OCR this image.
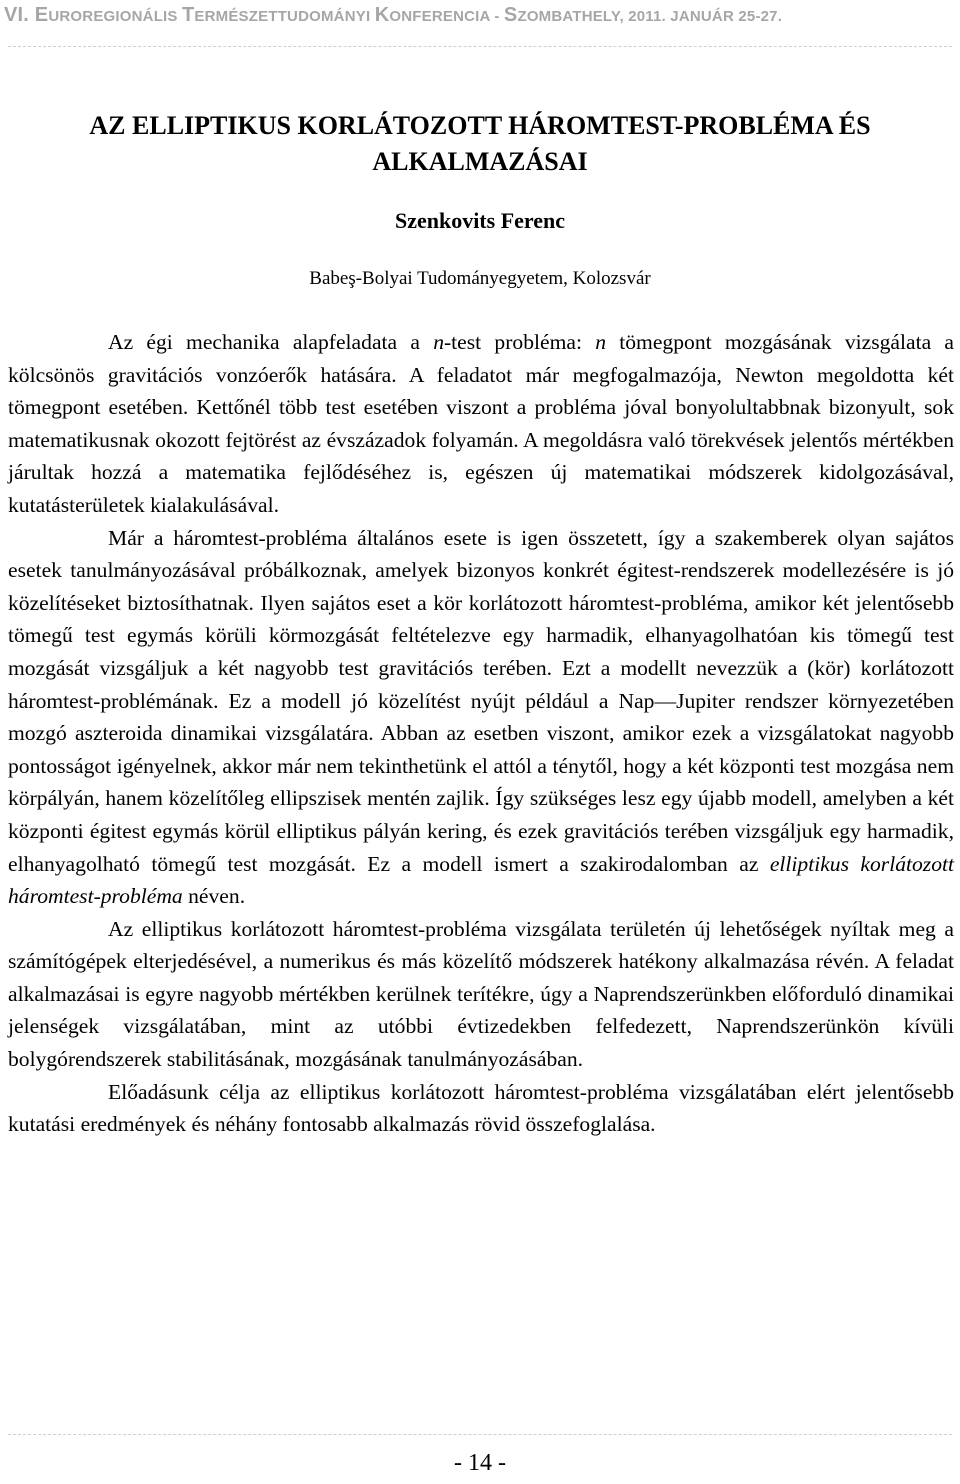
VI. EUROREGIONÁLIS TERMÉSZETTUDOMÁNYI KONFERENCIA - SZOMBATHELY, 2011. JANUÁR 25-27.
AZ ELLIPTIKUS KORLÁTOZOTT HÁROMTEST-PROBLÉMA ÉS
ALKALMAZÁSAI
Szenkovits Ferenc
Babeş-Bolyai Tudományegyetem, Kolozsvár

Az égi mechanika alapfeladata a n-test probléma: n tömegpont mozgásának vizsgálata a kölcsönös gravitációs vonzóerők hatására. A feladatot már megfogalmazója, Newton megoldotta két tömegpont esetében. Kettőnél több test esetében viszont a probléma jóval bonyolultabbnak bizonyult, sok matematikusnak okozott fejtörést az évszázadok folyamán. A megoldásra való törekvések jelentős mértékben járultak hozzá a matematika fejlődéséhez is, egészen új matematikai módszerek kidolgozásával, kutatásterületek kialakulásával.

Már a háromtest-probléma általános esete is igen összetett, így a szakemberek olyan sajátos esetek tanulmányozásával próbálkoznak, amelyek bizonyos konkrét égitest-rendszerek modellezésére is jó közelítéseket biztosíthatnak. Ilyen sajátos eset a kör korlátozott háromtest-probléma, amikor két jelentősebb tömegű test egymás körüli körmozgását feltételezve egy harmadik, elhanyagolhatóan kis tömegű test mozgását vizsgáljuk a két nagyobb test gravitációs terében. Ezt a modellt nevezzük a (kör) korlátozott háromtest-problémának. Ez a modell jó közelítést nyújt például a Nap—Jupiter rendszer környezetében mozgó aszteroida dinamikai vizsgálatára. Abban az esetben viszont, amikor ezek a vizsgálatokat nagyobb pontosságot igényelnek, akkor már nem tekinthetünk el attól a ténytől, hogy a két központi test mozgása nem körpályán, hanem közelítőleg ellipszisek mentén zajlik. Így szükséges lesz egy újabb modell, amelyben a két központi égitest egymás körül elliptikus pályán kering, és ezek gravitációs terében vizsgáljuk egy harmadik, elhanyagolható tömegű test mozgását. Ez a modell ismert a szakirodalomban az elliptikus korlátozott háromtest-probléma néven.

Az elliptikus korlátozott háromtest-probléma vizsgálata területén új lehetőségek nyíltak meg a számítógépek elterjedésével, a numerikus és más közelítő módszerek hatékony alkalmazása révén. A feladat alkalmazásai is egyre nagyobb mértékben kerülnek terítékre, úgy a Naprendszerünkben előforduló dinamikai jelenségek vizsgálatában, mint az utóbbi évtizedekben felfedezett, Naprendszerünkön kívüli bolygórendszerek stabilitásának, mozgásának tanulmányozásában.

Előadásunk célja az elliptikus korlátozott háromtest-probléma vizsgálatában elért jelentősebb kutatási eredmények és néhány fontosabb alkalmazás rövid összefoglalása.

- 14 -
